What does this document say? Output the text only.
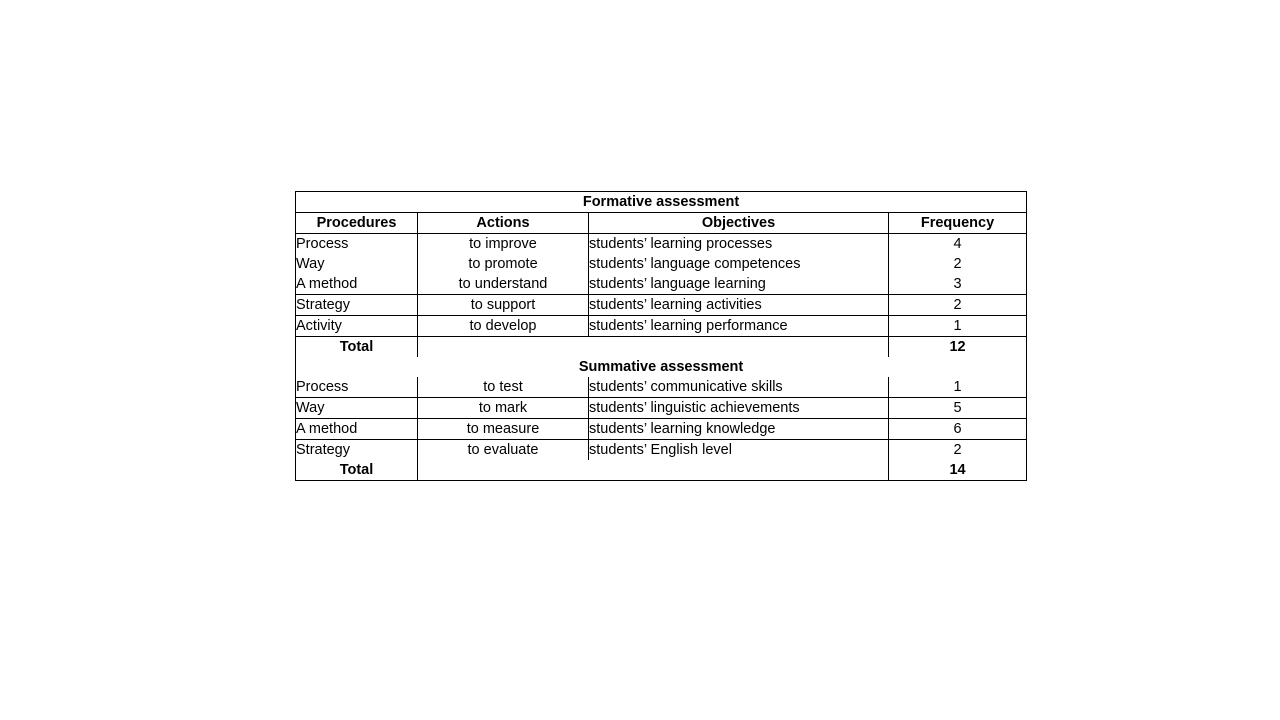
Formative assessment			
Procedures	Actions	Objectives	Frequency
Process	to improve	students’ learning processes	4
Way	to promote	students’ language competences	2
A method	to understand	students’ language learning	3
Strategy	to support	students’ learning activities	2
Activity	to develop	students’ learning performance	1
Total			12
Summative assessment			
Process	to test	students’ communicative skills	1
Way	to mark	students’ linguistic achievements	5
A method	to measure	students’ learning knowledge	6
Strategy	to evaluate	students’ English level	2
Total			14
